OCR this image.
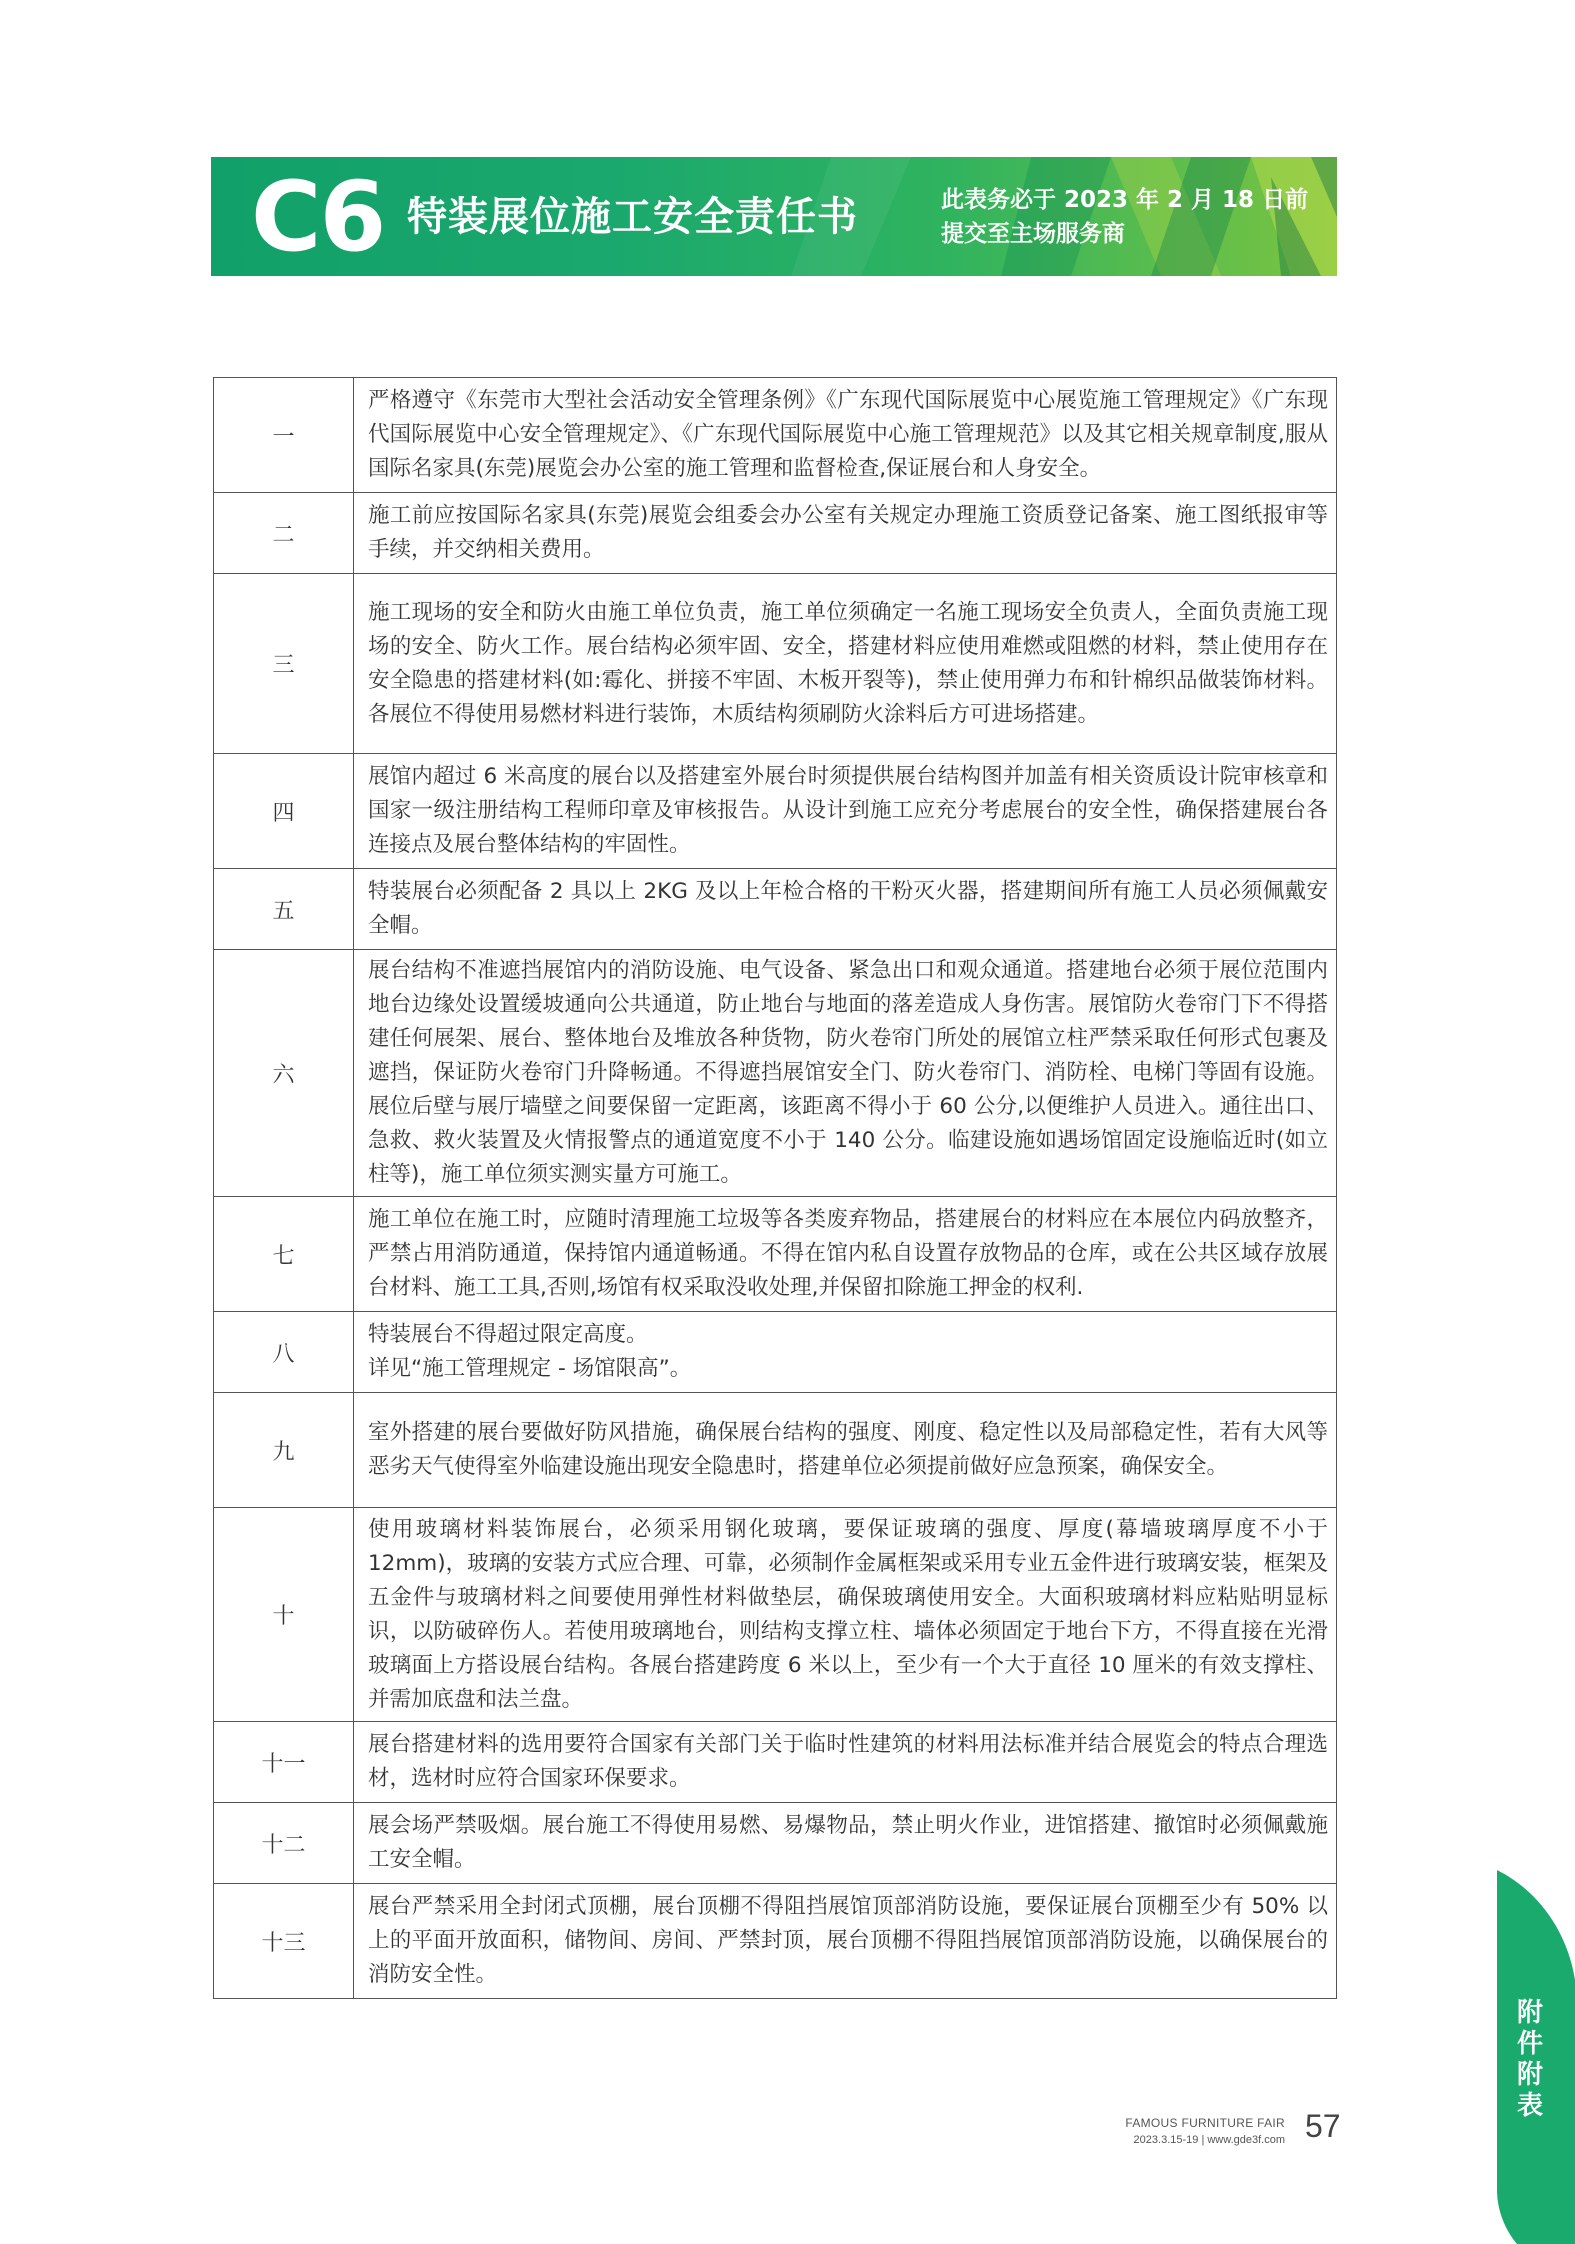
C6 特装展位施工安全责任书	此表务必于 2023 年 2 月 18 日前
提交至主场服务商
一	严格遵守《东莞市大型社会活动安全管理条例》《广东现代国际展览中心展览施工管理规定》《广东现代国际展览中心安全管理规定》、《广东现代国际展览中心施工管理规范》以及其它相关规章制度,服从国际名家具(东莞)展览会办公室的施工管理和监督检查,保证展台和人身安全。
二	施工前应按国际名家具(东莞)展览会组委会办公室有关规定办理施工资质登记备案、施工图纸报审等手续，并交纳相关费用。
三	施工现场的安全和防火由施工单位负责，施工单位须确定一名施工现场安全负责人，全面负责施工现场的安全、防火工作。展台结构必须牢固、安全，搭建材料应使用难燃或阻燃的材料，禁止使用存在安全隐患的搭建材料(如:霉化、拼接不牢固、木板开裂等)，禁止使用弹力布和针棉织品做装饰材料。各展位不得使用易燃材料进行装饰，木质结构须刷防火涂料后方可进场搭建。
四	展馆内超过 6 米高度的展台以及搭建室外展台时须提供展台结构图并加盖有相关资质设计院审核章和国家一级注册结构工程师印章及审核报告。从设计到施工应充分考虑展台的安全性，确保搭建展台各连接点及展台整体结构的牢固性。
五	特装展台必须配备 2 具以上 2KG 及以上年检合格的干粉灭火器，搭建期间所有施工人员必须佩戴安全帽。
六	展台结构不准遮挡展馆内的消防设施、电气设备、紧急出口和观众通道。搭建地台必须于展位范围内地台边缘处设置缓坡通向公共通道，防止地台与地面的落差造成人身伤害。展馆防火卷帘门下不得搭建任何展架、展台、整体地台及堆放各种货物，防火卷帘门所处的展馆立柱严禁采取任何形式包裹及遮挡，保证防火卷帘门升降畅通。不得遮挡展馆安全门、防火卷帘门、消防栓、电梯门等固有设施。展位后壁与展厅墙壁之间要保留一定距离，该距离不得小于 60 公分,以便维护人员进入。通往出口、急救、救火装置及火情报警点的通道宽度不小于 140 公分。临建设施如遇场馆固定设施临近时(如立柱等)，施工单位须实测实量方可施工。
七	施工单位在施工时，应随时清理施工垃圾等各类废弃物品，搭建展台的材料应在本展位内码放整齐，严禁占用消防通道，保持馆内通道畅通。不得在馆内私自设置存放物品的仓库，或在公共区域存放展台材料、施工工具,否则,场馆有权采取没收处理,并保留扣除施工押金的权利.
八	特装展台不得超过限定高度。
详见“施工管理规定 - 场馆限高”。

九	室外搭建的展台要做好防风措施，确保展台结构的强度、刚度、稳定性以及局部稳定性，若有大风等恶劣天气使得室外临建设施出现安全隐患时，搭建单位必须提前做好应急预案，确保安全。
十	使用玻璃材料装饰展台，必须采用钢化玻璃，要保证玻璃的强度、厚度(幕墙玻璃厚度不小于 12mm)，玻璃的安装方式应合理、可靠，必须制作金属框架或采用专业五金件进行玻璃安装，框架及五金件与玻璃材料之间要使用弹性材料做垫层，确保玻璃使用安全。大面积玻璃材料应粘贴明显标识，以防破碎伤人。若使用玻璃地台，则结构支撑立柱、墙体必须固定于地台下方，不得直接在光滑玻璃面上方搭设展台结构。各展台搭建跨度 6 米以上，至少有一个大于直径 10 厘米的有效支撑柱、并需加底盘和法兰盘。
十一	展台搭建材料的选用要符合国家有关部门关于临时性建筑的材料用法标准并结合展览会的特点合理选材，选材时应符合国家环保要求。
十二	展会场严禁吸烟。展台施工不得使用易燃、易爆物品，禁止明火作业，进馆搭建、撤馆时必须佩戴施工安全帽。
十三	展台严禁采用全封闭式顶棚，展台顶棚不得阻挡展馆顶部消防设施，要保证展台顶棚至少有 50% 以上的平面开放面积，储物间、房间、严禁封顶，展台顶棚不得阻挡展馆顶部消防设施，以确保展台的消防安全性。
FAMOUS FURNITURE FAIR
2023.3.15-19 | www.gde3f.com 57
附件附表
